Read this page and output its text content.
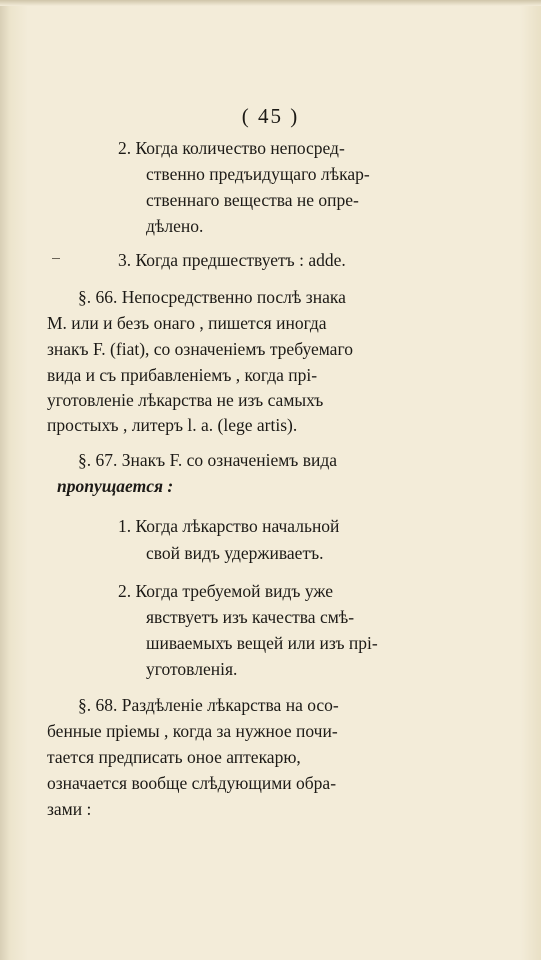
( 45 )
2. Когда количество непосред-
ственно предъидущаго лѣкар-
ственнаго вещества не опре-
дѣлено.
3. Когда предшествуетъ : adde.
§. 66. Непосредственно послѣ знака
M. или и безъ онаго , пишется иногда
знакъ F. (fiat), со означенiемъ требуемаго
вида и съ прибавленiемъ , когда прі-
уготовленіе лѣкарства не изъ самыхъ
простыхъ , литеръ l. a. (lege artis).
§. 67. Знакъ F. со означенiемъ вида
пропущается :
1. Когда лѣкарство начальной
свой видъ удерживаетъ.
2. Когда требуемой видъ уже
явствуетъ изъ качества смѣ-
шиваемыхъ вещей или изъ прі-
уготовленія.
§. 68. Раздѣленіе лѣкарства на осо-
бенные прiемы , когда за нужное почи-
тается предписать оное аптекарю,
означается вообще слѣдующими обра-
зами :
